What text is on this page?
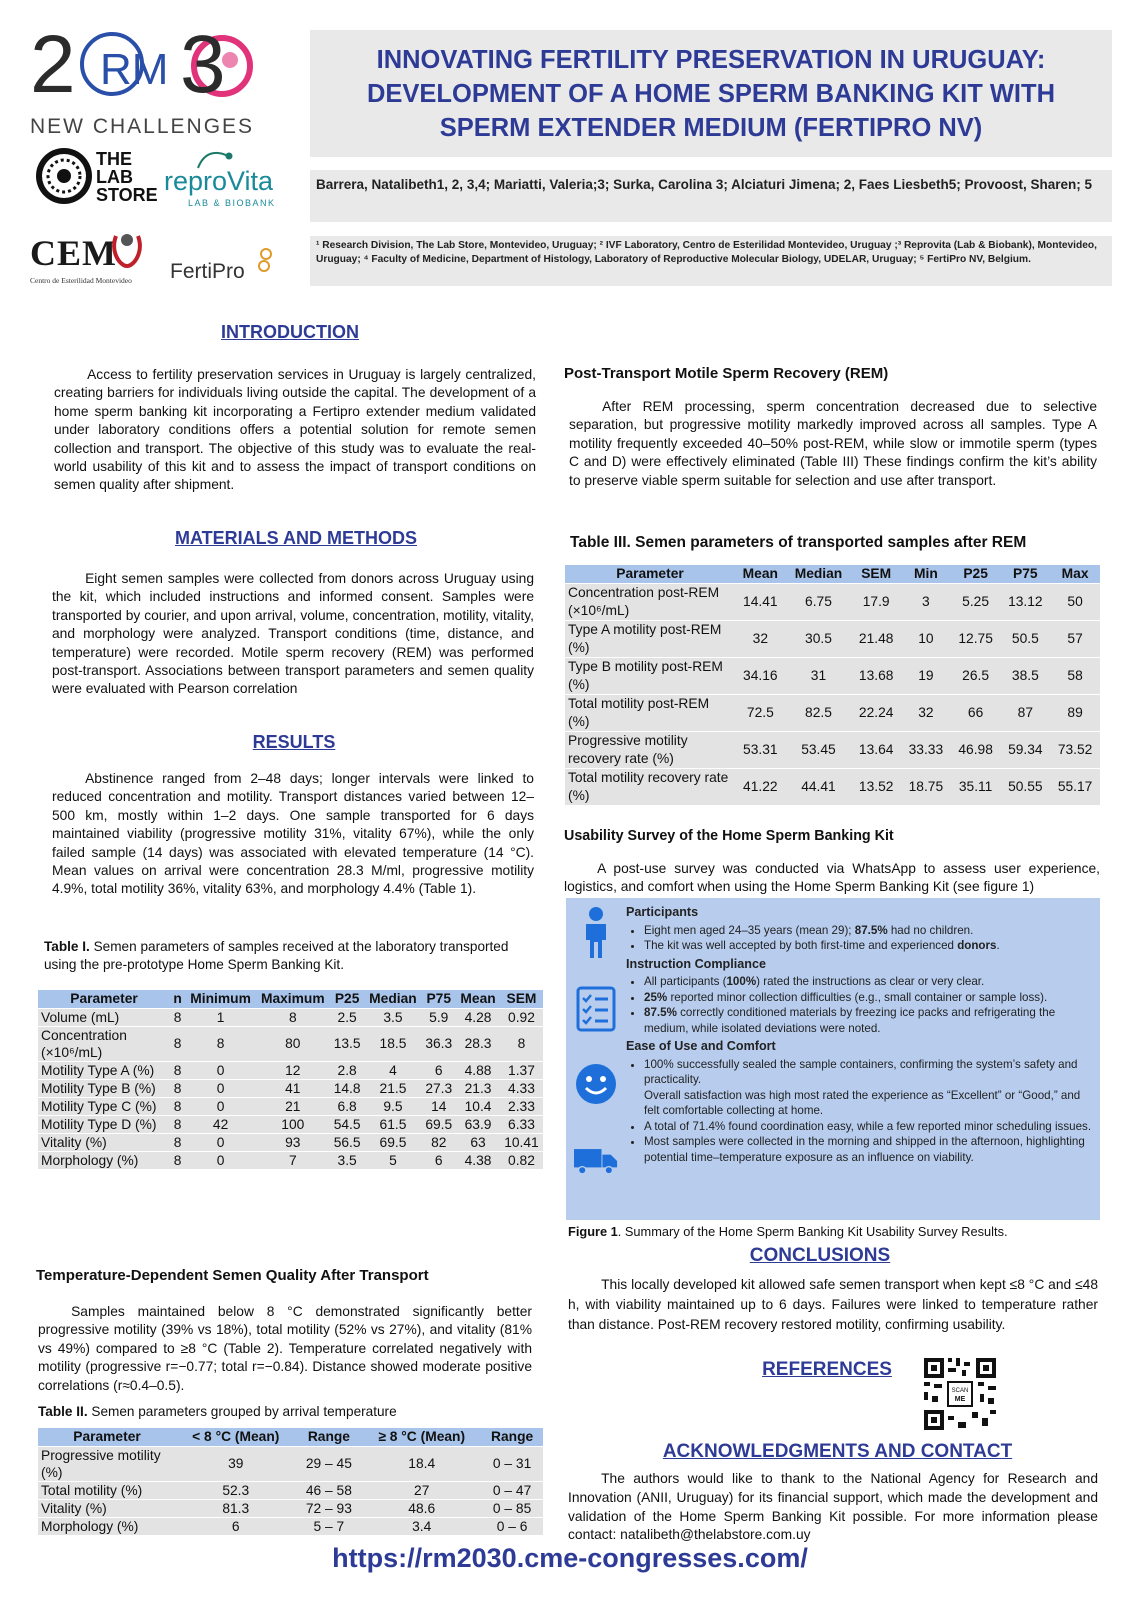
2 3
RM
NEW CHALLENGES
THE LAB STORE reproVita
LAB & BIOBANK
CEM
Centro de Esterilidad Montevideo FertiPro
INNOVATING FERTILITY PRESERVATION IN URUGUAY: DEVELOPMENT OF A HOME SPERM BANKING KIT WITH SPERM EXTENDER MEDIUM (FERTIPRO NV)
Barrera, Natalibeth1, 2, 3,4; Mariatti, Valeria;3; Surka, Carolina 3; Alciaturi Jimena; 2, Faes Liesbeth5; Provoost, Sharen; 5
¹ Research Division, The Lab Store, Montevideo, Uruguay; ² IVF Laboratory, Centro de Esterilidad Montevideo, Uruguay ;³ Reprovita (Lab & Biobank), Montevideo, Uruguay; ⁴ Faculty of Medicine, Department of Histology, Laboratory of Reproductive Molecular Biology, UDELAR, Uruguay; ⁵ FertiPro NV, Belgium.
INTRODUCTION
Access to fertility preservation services in Uruguay is largely centralized, creating barriers for individuals living outside the capital. The development of a home sperm banking kit incorporating a Fertipro extender medium validated under laboratory conditions offers a potential solution for remote semen collection and transport. The objective of this study was to evaluate the real-world usability of this kit and to assess the impact of transport conditions on semen quality after shipment.
MATERIALS AND METHODS
Eight semen samples were collected from donors across Uruguay using the kit, which included instructions and informed consent. Samples were transported by courier, and upon arrival, volume, concentration, motility, vitality, and morphology were analyzed. Transport conditions (time, distance, and temperature) were recorded. Motile sperm recovery (REM) was performed post-transport. Associations between transport parameters and semen quality were evaluated with Pearson correlation
RESULTS
Abstinence ranged from 2–48 days; longer intervals were linked to reduced concentration and motility. Transport distances varied between 12–500 km, mostly within 1–2 days. One sample transported for 6 days maintained viability (progressive motility 31%, vitality 67%), while the only failed sample (14 days) was associated with elevated temperature (14 °C). Mean values on arrival were concentration 28.3 M/ml, progressive motility 4.9%, total motility 36%, vitality 63%, and morphology 4.4% (Table 1).
Table I. Semen parameters of samples received at the laboratory transported using the pre-prototype Home Sperm Banking Kit.
Parameter	n	Minimum	Maximum	P25	Median	P75	Mean	SEM
Volume (mL)	8	1	8	2.5	3.5	5.9	4.28	0.92
Concentration (×10⁶/mL)	8	8	80	13.5	18.5	36.3	28.3	8
Motility Type A (%)	8	0	12	2.8	4	6	4.88	1.37
Motility Type B (%)	8	0	41	14.8	21.5	27.3	21.3	4.33
Motility Type C (%)	8	0	21	6.8	9.5	14	10.4	2.33
Motility Type D (%)	8	42	100	54.5	61.5	69.5	63.9	6.33
Vitality (%)	8	0	93	56.5	69.5	82	63	10.41
Morphology (%)	8	0	7	3.5	5	6	4.38	0.82
Temperature-Dependent Semen Quality After Transport
Samples maintained below 8 °C demonstrated significantly better progressive motility (39% vs 18%), total motility (52% vs 27%), and vitality (81% vs 49%) compared to ≥8 °C (Table 2). Temperature correlated negatively with motility (progressive r=−0.77; total r=−0.84). Distance showed moderate positive correlations (r≈0.4–0.5).
Table II. Semen parameters grouped by arrival temperature
Parameter	< 8 °C (Mean)	Range	≥ 8 °C (Mean)	Range
Progressive motility (%)	39	29 – 45	18.4	0 – 31
Total motility (%)	52.3	46 – 58	27	0 – 47
Vitality (%)	81.3	72 – 93	48.6	0 – 85
Morphology (%)	6	5 – 7	3.4	0 – 6
Post-Transport Motile Sperm Recovery (REM)
After REM processing, sperm concentration decreased due to selective separation, but progressive motility markedly improved across all samples. Type A motility frequently exceeded 40–50% post-REM, while slow or immotile sperm (types C and D) were effectively eliminated (Table III) These findings confirm the kit’s ability to preserve viable sperm suitable for selection and use after transport.
Table III. Semen parameters of transported samples after REM
Parameter	Mean	Median	SEM	Min	P25	P75	Max
Concentration post-REM (×10⁶/mL)	14.41	6.75	17.9	3	5.25	13.12	50
Type A motility post-REM (%)	32	30.5	21.48	10	12.75	50.5	57
Type B motility post-REM (%)	34.16	31	13.68	19	26.5	38.5	58
Total motility post-REM (%)	72.5	82.5	22.24	32	66	87	89
Progressive motility recovery rate (%)	53.31	53.45	13.64	33.33	46.98	59.34	73.52
Total motility recovery rate (%)	41.22	44.41	13.52	18.75	35.11	50.55	55.17
Usability Survey of the Home Sperm Banking Kit
A post-use survey was conducted via WhatsApp to assess user experience, logistics, and comfort when using the Home Sperm Banking Kit (see figure 1)
Participants
• Eight men aged 24–35 years (mean 29); 87.5% had no children.
• The kit was well accepted by both first-time and experienced donors.
Instruction Compliance
• All participants (100%) rated the instructions as clear or very clear.
• 25% reported minor collection difficulties (e.g., small container or sample loss).
• 87.5% correctly conditioned materials by freezing ice packs and refrigerating the medium, while isolated deviations were noted.
Ease of Use and Comfort
• 100% successfully sealed the sample containers, confirming the system’s safety and practicality.
Overall satisfaction was high most rated the experience as “Excellent” or “Good,” and felt comfortable collecting at home.
• A total of 71.4% found coordination easy, while a few reported minor scheduling issues.
• Most samples were collected in the morning and shipped in the afternoon, highlighting potential time–temperature exposure as an influence on viability.
Figure 1. Summary of the Home Sperm Banking Kit Usability Survey Results.
CONCLUSIONS
This locally developed kit allowed safe semen transport when kept ≤8 °C and ≤48 h, with viability maintained up to 6 days. Failures were linked to temperature rather than distance. Post-REM recovery restored motility, confirming usability.
REFERENCES
SCAN
ME
ACKNOWLEDGMENTS AND CONTACT
The authors would like to thank to the National Agency for Research and Innovation (ANII, Uruguay) for its financial support, which made the development and validation of the Home Sperm Banking Kit possible. For more information please contact: natalibeth@thelabstore.com.uy
https://rm2030.cme-congresses.com/
